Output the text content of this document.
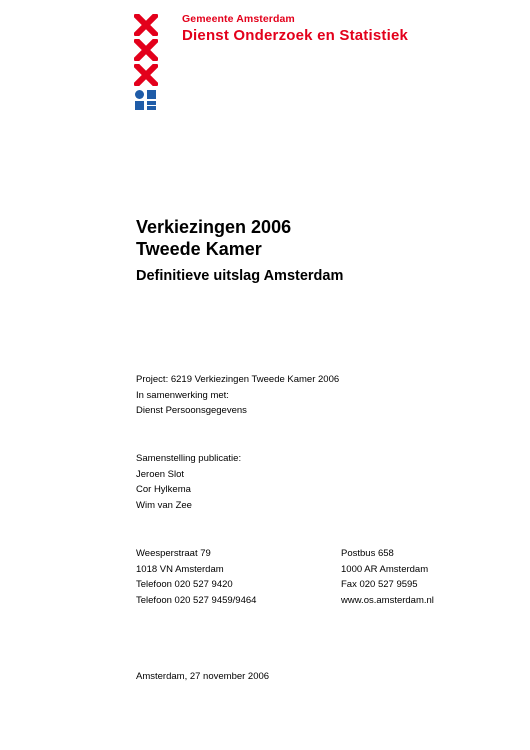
Gemeente Amsterdam
Dienst Onderzoek en Statistiek
Verkiezingen 2006
Tweede Kamer
Definitieve uitslag Amsterdam
Project: 6219 Verkiezingen Tweede Kamer 2006
In samenwerking met:
Dienst Persoonsgegevens
Samenstelling publicatie:
Jeroen Slot
Cor Hylkema
Wim van Zee
Weesperstraat 79
1018 VN Amsterdam
Telefoon 020 527 9420
Telefoon 020 527 9459/9464
Postbus 658
1000 AR Amsterdam
Fax 020 527 9595
www.os.amsterdam.nl
Amsterdam, 27 november 2006
